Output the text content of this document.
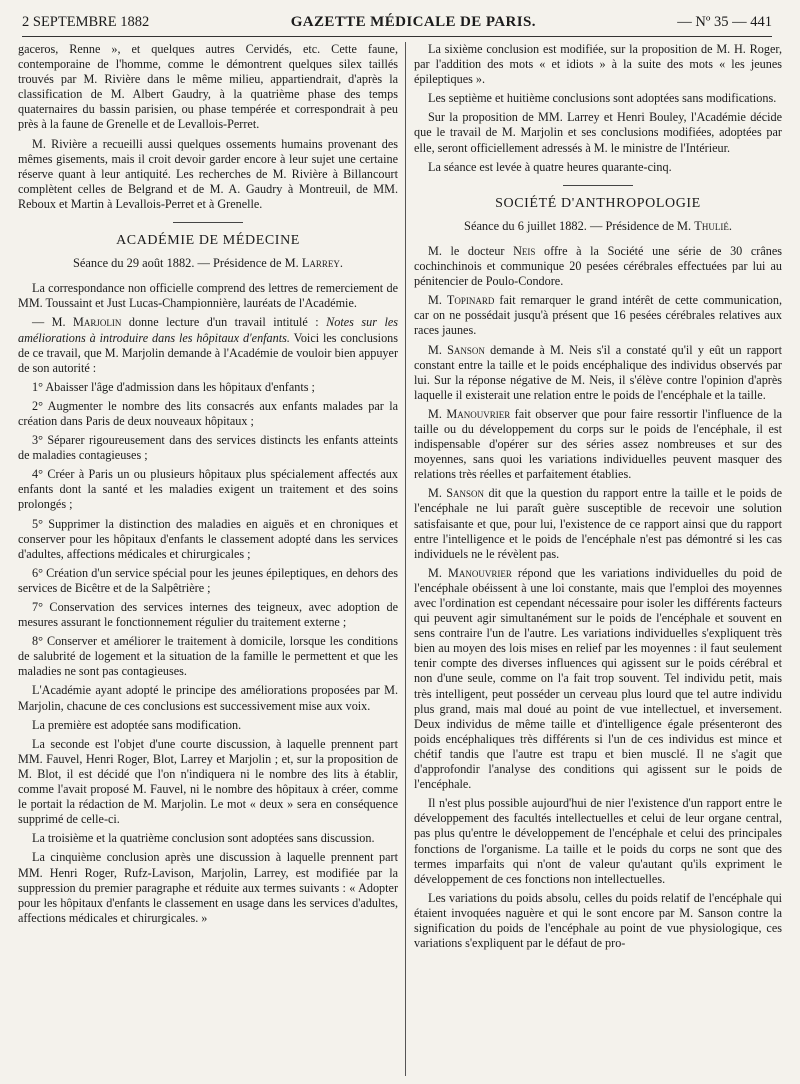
2 SEPTEMBRE 1882	GAZETTE MÉDICALE DE PARIS.	— Nº 35 — 441

gaceros, Renne », et quelques autres Cervidés, etc. Cette faune, contemporaine de l'homme, comme le démontrent quelques silex taillés trouvés par M. Rivière dans le même milieu, appartiendrait, d'après la classification de M. Albert Gaudry, à la quatrième phase des temps quaternaires du bassin parisien, ou phase tempérée et correspondrait à peu près à la faune de Grenelle et de Levallois-Perret.

M. Rivière a recueilli aussi quelques ossements humains provenant des mêmes gisements, mais il croit devoir garder encore à leur sujet une certaine réserve quant à leur antiquité. Les recherches de M. Rivière à Billancourt complètent celles de Belgrand et de M. A. Gaudry à Montreuil, de MM. Reboux et Martin à Levallois-Perret et à Grenelle.

ACADÉMIE DE MÉDECINE
Séance du 29 août 1882. — Présidence de M. Larrey.

La correspondance non officielle comprend des lettres de remerciement de MM. Toussaint et Just Lucas-Championnière, lauréats de l'Académie.

— M. Marjolin donne lecture d'un travail intitulé : Notes sur les améliorations à introduire dans les hôpitaux d'enfants. Voici les conclusions de ce travail, que M. Marjolin demande à l'Académie de vouloir bien appuyer de son autorité :

1° Abaisser l'âge d'admission dans les hôpitaux d'enfants ;

2° Augmenter le nombre des lits consacrés aux enfants malades par la création dans Paris de deux nouveaux hôpitaux ;

3° Séparer rigoureusement dans des services distincts les enfants atteints de maladies contagieuses ;

4° Créer à Paris un ou plusieurs hôpitaux plus spécialement affectés aux enfants dont la santé et les maladies exigent un traitement et des soins prolongés ;

5° Supprimer la distinction des maladies en aiguës et en chroniques et conserver pour les hôpitaux d'enfants le classement adopté dans les services d'adultes, affections médicales et chirurgicales ;

6° Création d'un service spécial pour les jeunes épileptiques, en dehors des services de Bicêtre et de la Salpêtrière ;

7° Conservation des services internes des teigneux, avec adoption de mesures assurant le fonctionnement régulier du traitement externe ;

8° Conserver et améliorer le traitement à domicile, lorsque les conditions de salubrité de logement et la situation de la famille le permettent et que les maladies ne sont pas contagieuses.

L'Académie ayant adopté le principe des améliorations proposées par M. Marjolin, chacune de ces conclusions est successivement mise aux voix.

La première est adoptée sans modification.

La seconde est l'objet d'une courte discussion, à laquelle prennent part MM. Fauvel, Henri Roger, Blot, Larrey et Marjolin ; et, sur la proposition de M. Blot, il est décidé que l'on n'indiquera ni le nombre des lits à établir, comme l'avait proposé M. Fauvel, ni le nombre des hôpitaux à créer, comme le portait la rédaction de M. Marjolin. Le mot « deux » sera en conséquence supprimé de celle-ci.

La troisième et la quatrième conclusion sont adoptées sans discussion.

La cinquième conclusion après une discussion à laquelle prennent part MM. Henri Roger, Rufz-Lavison, Marjolin, Larrey, est modifiée par la suppression du premier paragraphe et réduite aux termes suivants : « Adopter pour les hôpitaux d'enfants le classement en usage dans les services d'adultes, affections médicales et chirurgicales. »

La sixième conclusion est modifiée, sur la proposition de M. H. Roger, par l'addition des mots « et idiots » à la suite des mots « les jeunes épileptiques ».

Les septième et huitième conclusions sont adoptées sans modifications.

Sur la proposition de MM. Larrey et Henri Bouley, l'Académie décide que le travail de M. Marjolin et ses conclusions modifiées, adoptées par elle, seront officiellement adressés à M. le ministre de l'Intérieur.

La séance est levée à quatre heures quarante-cinq.

SOCIÉTÉ D'ANTHROPOLOGIE
Séance du 6 juillet 1882. — Présidence de M. Thulié.

M. le docteur Neis offre à la Société une série de 30 crânes cochinchinois et communique 20 pesées cérébrales effectuées par lui au pénitencier de Poulo-Condore.

M. Topinard fait remarquer le grand intérêt de cette communication, car on ne possédait jusqu'à présent que 16 pesées cérébrales relatives aux races jaunes.

M. Sanson demande à M. Neis s'il a constaté qu'il y eût un rapport constant entre la taille et le poids encéphalique des individus observés par lui. Sur la réponse négative de M. Neis, il s'élève contre l'opinion d'après laquelle il existerait une relation entre le poids de l'encéphale et la taille.

M. Manouvrier fait observer que pour faire ressortir l'influence de la taille ou du développement du corps sur le poids de l'encéphale, il est indispensable d'opérer sur des séries assez nombreuses et sur des moyennes, sans quoi les variations individuelles peuvent masquer des relations très réelles et parfaitement établies.

M. Sanson dit que la question du rapport entre la taille et le poids de l'encéphale ne lui paraît guère susceptible de recevoir une solution satisfaisante et que, pour lui, l'existence de ce rapport ainsi que du rapport entre l'intelligence et le poids de l'encéphale n'est pas démontré si les cas individuels ne le révèlent pas.

M. Manouvrier répond que les variations individuelles du poid de l'encéphale obéissent à une loi constante, mais que l'emploi des moyennes avec l'ordination est cependant nécessaire pour isoler les différents facteurs qui peuvent agir simultanément sur le poids de l'encéphale et souvent en sens contraire l'un de l'autre. Les variations individuelles s'expliquent très bien au moyen des lois mises en relief par les moyennes : il faut seulement tenir compte des diverses influences qui agissent sur le poids cérébral et non d'une seule, comme on l'a fait trop souvent. Tel individu petit, mais très intelligent, peut posséder un cerveau plus lourd que tel autre individu plus grand, mais mal doué au point de vue intellectuel, et inversement. Deux individus de même taille et d'intelligence égale présenteront des poids encéphaliques très différents si l'un de ces individus est mince et chétif tandis que l'autre est trapu et bien musclé. Il ne s'agit que d'approfondir l'analyse des conditions qui agissent sur le poids de l'encéphale.

Il n'est plus possible aujourd'hui de nier l'existence d'un rapport entre le développement des facultés intellectuelles et celui de leur organe central, pas plus qu'entre le développement de l'encéphale et celui des principales fonctions de l'organisme. La taille et le poids du corps ne sont que des termes imparfaits qui n'ont de valeur qu'autant qu'ils expriment le développement de ces fonctions non intellectuelles.

Les variations du poids absolu, celles du poids relatif de l'encéphale qui étaient invoquées naguère et qui le sont encore par M. Sanson contre la signification du poids de l'encéphale au point de vue physiologique, ces variations s'expliquent par le défaut de pro-
